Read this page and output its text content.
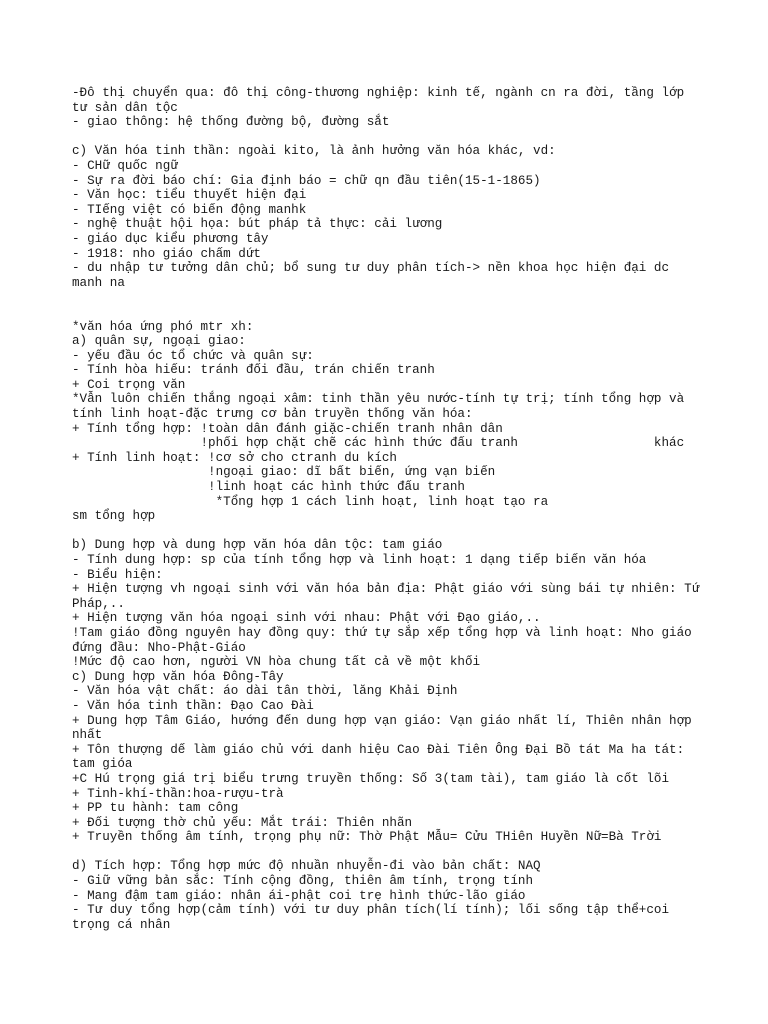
-Đô thị chuyển qua: đô thị công-thương nghiệp: kinh tế, ngành cn ra đời, tầng lớp
tư sản dân tộc
- giao thông: hệ thống đường bộ, đường sắt

c) Văn hóa tinh thần: ngoài kito, là ảnh hưởng văn hóa khác, vd:
- CHữ quốc ngữ
- Sự ra đời báo chí: Gia định báo = chữ qn đầu tiên(15-1-1865)
- Văn học: tiểu thuyết hiện đại
- TIếng việt có biến động manhk
- nghệ thuật hội họa: bút pháp tả thực: cải lương
- giáo dục kiểu phương tây
- 1918: nho giáo chấm dứt
- du nhập tư tưởng dân chủ; bổ sung tư duy phân tích-> nền khoa học hiện đại dc
manh na

*văn hóa ứng phó mtr xh:
a) quân sự, ngoại giao:
- yếu đầu óc tổ chức và quân sự:
- Tính hòa hiếu: tránh đối đầu, trán chiến tranh
+ Coi trọng văn
*Vẫn luôn chiến thắng ngoại xâm: tinh thần yêu nước-tính tự trị; tính tổng hợp và
tính linh hoạt-đặc trưng cơ bản truyền thống văn hóa:
+ Tính tổng hợp: !toàn dân đánh giặc-chiến tranh nhân dân
!phối hợp chặt chẽ các hình thức đấu tranh                  khác
+ Tính linh hoạt: !cơ sở cho ctranh du kích
!ngoại giao: dĩ bất biến, ứng vạn biến
!linh hoạt các hình thức đấu tranh
*Tổng hợp 1 cách linh hoạt, linh hoạt tạo ra
sm tổng hợp

b) Dung hợp và dung hợp văn hóa dân tộc: tam giáo
- Tính dung hợp: sp của tính tổng hợp và linh hoạt: 1 dạng tiếp biến văn hóa
- Biểu hiện:
+ Hiện tượng vh ngoại sinh với văn hóa bản địa: Phật giáo với sùng bái tự nhiên: Tứ
Pháp,..
+ Hiện tượng văn hóa ngoại sinh với nhau: Phật với Đạo giáo,..
!Tam giáo đồng nguyên hay đồng quy: thứ tự sắp xếp tổng hợp và linh hoạt: Nho giáo
đứng đầu: Nho-Phật-Giáo
!Mức độ cao hơn, người VN hòa chung tất cả về một khối
c) Dung hợp văn hóa Đông-Tây
- Văn hóa vật chất: áo dài tân thời, lăng Khải Định
- Văn hóa tinh thần: Đạo Cao Đài
+ Dung hợp Tâm Giáo, hướng đến dung hợp vạn giáo: Vạn giáo nhất lí, Thiên nhân hợp
nhất
+ Tôn thượng dế làm giáo chủ với danh hiệu Cao Đài Tiên Ông Đại Bồ tát Ma ha tát:
tam gióa
+C Hú trọng giá trị biểu trưng truyền thống: Số 3(tam tài), tam giáo là cốt lõi
+ Tinh-khí-thần:hoa-rượu-trà
+ PP tu hành: tam công
+ Đối tượng thờ chủ yếu: Mắt trái: Thiên nhãn
+ Truyền thống âm tính, trọng phụ nữ: Thờ Phật Mẫu= Cửu THiên Huyền Nữ=Bà Trời

d) Tích hợp: Tổng hợp mức độ nhuần nhuyễn-đi vào bản chất: NAQ
- Giữ vững bản sắc: Tính cộng đồng, thiên âm tính, trọng tính
- Mang đậm tam giáo: nhân ái-phật coi trẹ hình thức-lão giáo
- Tư duy tổng hợp(cảm tính) với tư duy phân tích(lí tính); lối sống tập thể+coi
trọng cá nhân
